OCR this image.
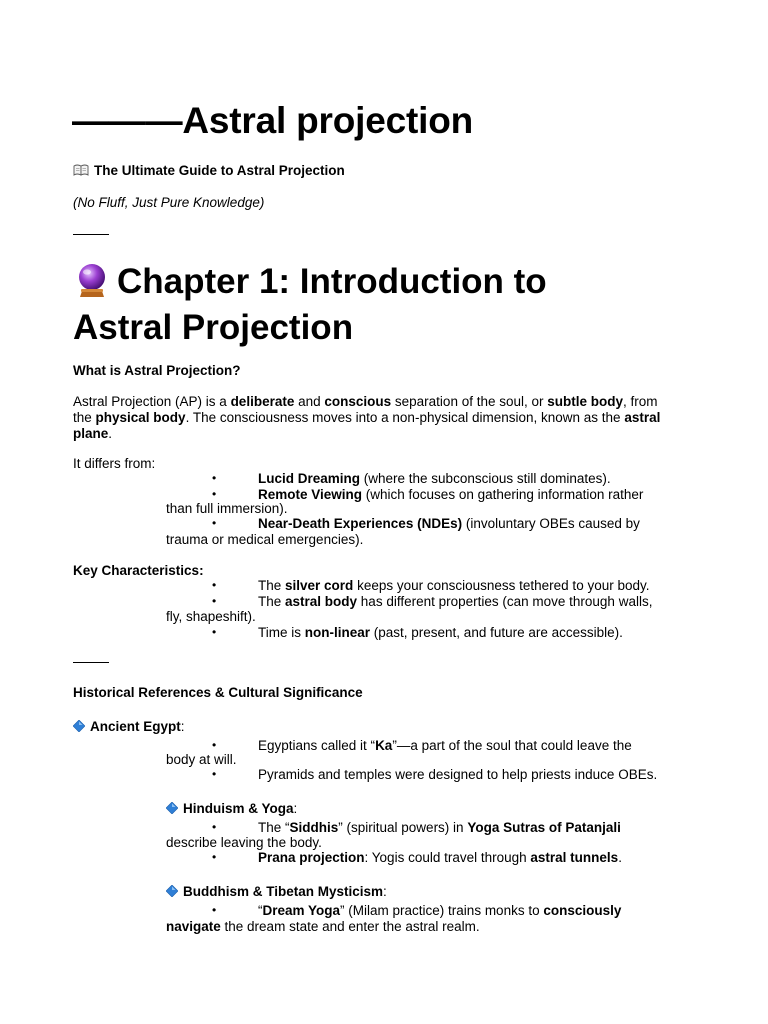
———Astral projection
The Ultimate Guide to Astral Projection
(No Fluff, Just Pure Knowledge)
Chapter 1: Introduction to
Astral Projection
What is Astral Projection?
Astral Projection (AP) is a deliberate and conscious separation of the soul, or subtle body, from
the physical body. The consciousness moves into a non-physical dimension, known as the astral
plane.
It differs from:
•	Lucid Dreaming (where the subconscious still dominates).
•	Remote Viewing (which focuses on gathering information rather
than full immersion).
•	Near-Death Experiences (NDEs) (involuntary OBEs caused by
trauma or medical emergencies).
Key Characteristics:
•	The silver cord keeps your consciousness tethered to your body.
•	The astral body has different properties (can move through walls,
fly, shapeshift).
•	Time is non-linear (past, present, and future are accessible).
Historical References & Cultural Significance
Ancient Egypt:
•	Egyptians called it “Ka”—a part of the soul that could leave the
body at will.
•	Pyramids and temples were designed to help priests induce OBEs.
Hinduism & Yoga:
•	The “Siddhis” (spiritual powers) in Yoga Sutras of Patanjali
describe leaving the body.
•	Prana projection: Yogis could travel through astral tunnels.
Buddhism & Tibetan Mysticism:
•	“Dream Yoga” (Milam practice) trains monks to consciously
navigate the dream state and enter the astral realm.
